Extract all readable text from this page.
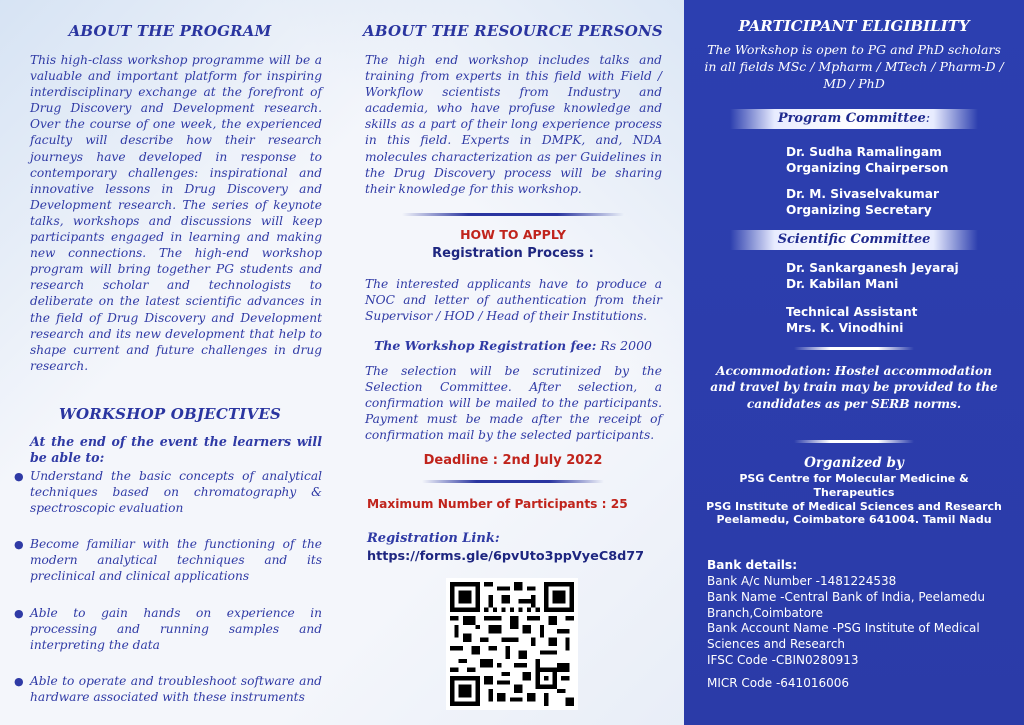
ABOUT THE PROGRAM
This high-class workshop programme will be a valuable and important platform for inspiring interdisciplinary exchange at the forefront of Drug Discovery and Development research. Over the course of one week, the experienced faculty will describe how their research journeys have developed in response to contemporary challenges: inspirational and innovative lessons in Drug Discovery and Development research. The series of keynote talks, workshops and discussions will keep participants engaged in learning and making new connections. The high-end workshop program will bring together PG students and research scholar and technologists to deliberate on the latest scientific advances in the field of Drug Discovery and Development research and its new development that help to shape current and future challenges in drug research.
WORKSHOP OBJECTIVES
At the end of the event the learners will be able to:
● Understand the basic concepts of analytical techniques based on chromatography & spectroscopic evaluation
● Become familiar with the functioning of the modern analytical techniques and its preclinical and clinical applications
● Able to gain hands on experience in processing and running samples and interpreting the data
● Able to operate and troubleshoot software and hardware associated with these instruments
ABOUT THE RESOURCE PERSONS
The high end workshop includes talks and training from experts in this field with Field / Workflow scientists from Industry and academia, who have profuse knowledge and skills as a part of their long experience process in this field. Experts in DMPK, and, NDA molecules characterization as per Guidelines in the Drug Discovery process will be sharing their knowledge for this workshop.
HOW TO APPLY
Registration Process :
The interested applicants have to produce a NOC and letter of authentication from their Supervisor / HOD / Head of their Institutions.
The Workshop Registration fee: Rs 2000
The selection will be scrutinized by the Selection Committee. After selection, a confirmation will be mailed to the participants. Payment must be made after the receipt of confirmation mail by the selected participants.
Deadline : 2nd July 2022
Maximum Number of Participants : 25
Registration Link:
https://forms.gle/6pvUto3ppVyeC8d77
PARTICIPANT ELIGIBILITY
The Workshop is open to PG and PhD scholars in all fields MSc / Mpharm / MTech / Pharm-D / MD / PhD
Program Committee:
Dr. Sudha Ramalingam
Organizing Chairperson
Dr. M. Sivaselvakumar
Organizing Secretary
Scientific Committee
Dr. Sankarganesh Jeyaraj
Dr. Kabilan Mani
Technical Assistant
Mrs. K. Vinodhini
Accommodation: Hostel accommodation and travel by train may be provided to the candidates as per SERB norms.
Organized by
PSG Centre for Molecular Medicine & Therapeutics
PSG Institute of Medical Sciences and Research
Peelamedu, Coimbatore 641004. Tamil Nadu
Bank details:
Bank A/c Number -1481224538
Bank Name -Central Bank of India, Peelamedu Branch,Coimbatore
Bank Account Name -PSG Institute of Medical Sciences and Research
IFSC Code -CBIN0280913
MICR Code -641016006
